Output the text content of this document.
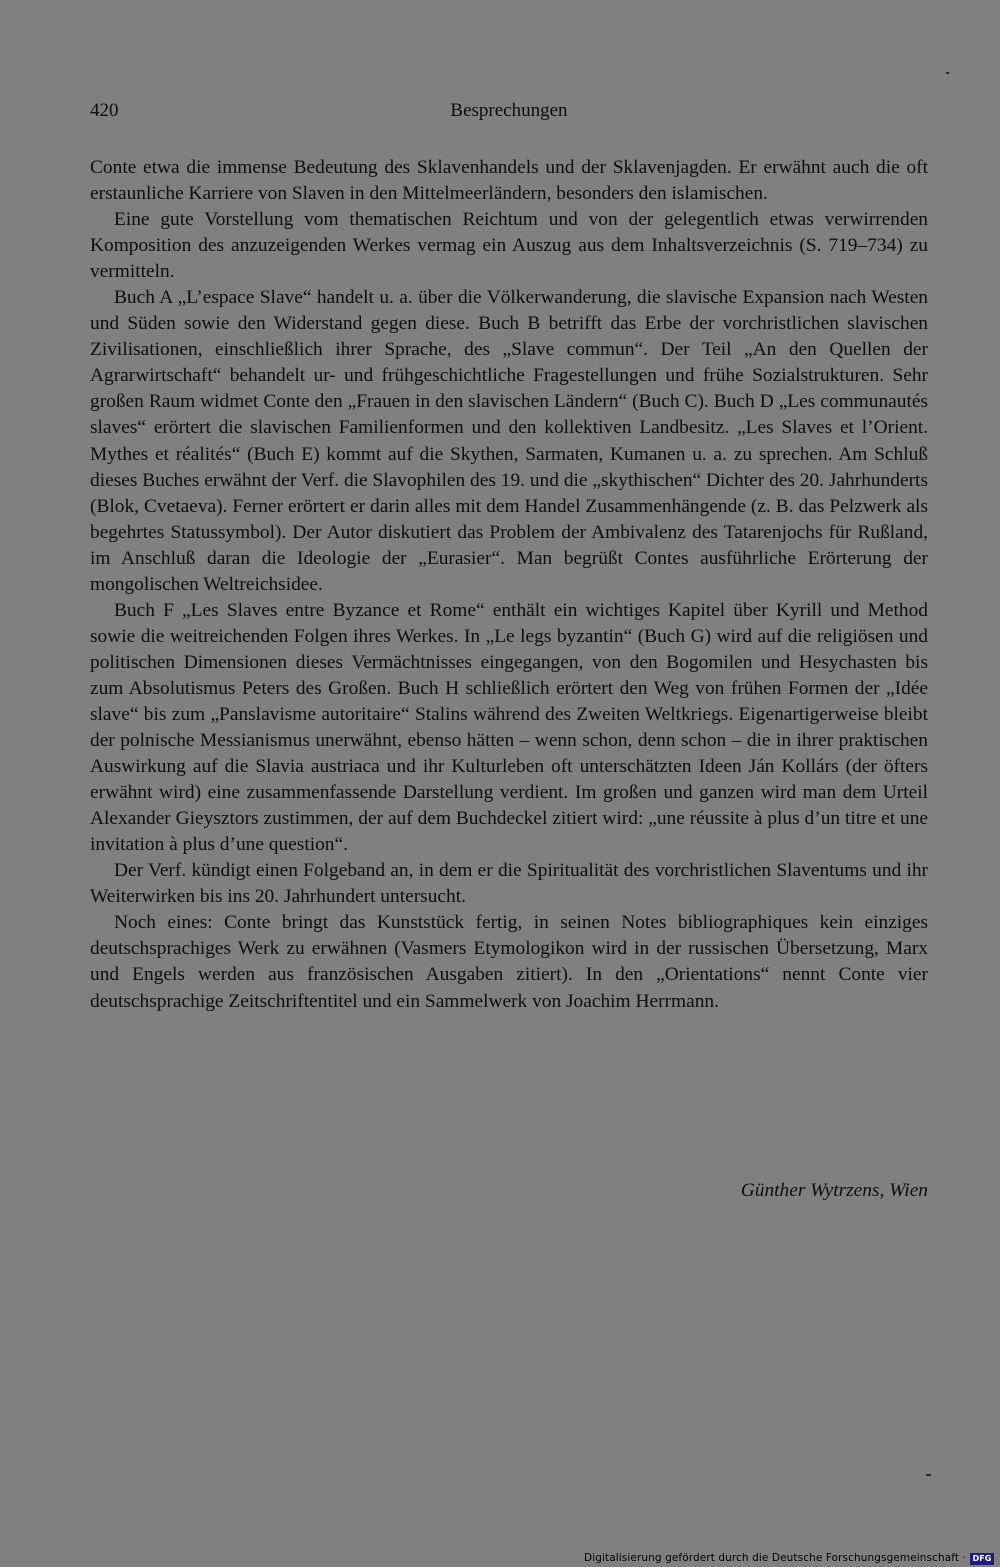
420	Besprechungen

Conte etwa die immense Bedeutung des Sklavenhandels und der Sklavenjagden. Er erwähnt auch die oft erstaunliche Karriere von Slaven in den Mittelmeerländern, besonders den islamischen.

Eine gute Vorstellung vom thematischen Reichtum und von der gelegentlich etwas verwirrenden Komposition des anzuzeigenden Werkes vermag ein Auszug aus dem Inhaltsverzeichnis (S. 719–734) zu vermitteln.

Buch A „L’espace Slave“ handelt u. a. über die Völkerwanderung, die slavische Expansion nach Westen und Süden sowie den Widerstand gegen diese. Buch B betrifft das Erbe der vorchristlichen slavischen Zivilisationen, einschließlich ihrer Sprache, des „Slave commun“. Der Teil „An den Quellen der Agrarwirtschaft“ behandelt ur- und frühgeschichtliche Fragestellungen und frühe Sozialstrukturen. Sehr großen Raum widmet Conte den „Frauen in den slavischen Ländern“ (Buch C). Buch D „Les communautés slaves“ erörtert die slavischen Familienformen und den kollektiven Landbesitz. „Les Slaves et l’Orient. Mythes et réalités“ (Buch E) kommt auf die Skythen, Sarmaten, Kumanen u. a. zu sprechen. Am Schluß dieses Buches erwähnt der Verf. die Slavophilen des 19. und die „skythischen“ Dichter des 20. Jahrhunderts (Blok, Cvetaeva). Ferner erörtert er darin alles mit dem Handel Zusammenhängende (z. B. das Pelzwerk als begehrtes Statussymbol). Der Autor diskutiert das Problem der Ambivalenz des Tatarenjochs für Rußland, im Anschluß daran die Ideologie der „Eurasier“. Man begrüßt Contes ausführliche Erörterung der mongolischen Weltreichsidee.

Buch F „Les Slaves entre Byzance et Rome“ enthält ein wichtiges Kapitel über Kyrill und Method sowie die weitreichenden Folgen ihres Werkes. In „Le legs byzantin“ (Buch G) wird auf die religiösen und politischen Dimensionen dieses Vermächtnisses eingegangen, von den Bogomilen und Hesychasten bis zum Absolutismus Peters des Großen. Buch H schließlich erörtert den Weg von frühen Formen der „Idée slave“ bis zum „Panslavisme autoritaire“ Stalins während des Zweiten Weltkriegs. Eigenartigerweise bleibt der polnische Messianismus unerwähnt, ebenso hätten – wenn schon, denn schon – die in ihrer praktischen Auswirkung auf die Slavia austriaca und ihr Kulturleben oft unterschätzten Ideen Ján Kollárs (der öfters erwähnt wird) eine zusammenfassende Darstellung verdient. Im großen und ganzen wird man dem Urteil Alexander Gieysztors zustimmen, der auf dem Buchdeckel zitiert wird: „une réussite à plus d’un titre et une invitation à plus d’une question“.

Der Verf. kündigt einen Folgeband an, in dem er die Spiritualität des vorchristlichen Slaventums und ihr Weiterwirken bis ins 20. Jahrhundert untersucht.

Noch eines: Conte bringt das Kunststück fertig, in seinen Notes bibliographiques kein einziges deutschsprachiges Werk zu erwähnen (Vasmers Etymologikon wird in der russischen Übersetzung, Marx und Engels werden aus französischen Ausgaben zitiert). In den „Orientations“ nennt Conte vier deutschsprachige Zeitschriftentitel und ein Sammelwerk von Joachim Herrmann.

Günther Wytrzens, Wien
Digitalisierung gefördert durch die Deutsche Forschungsgemeinschaft · DFG
